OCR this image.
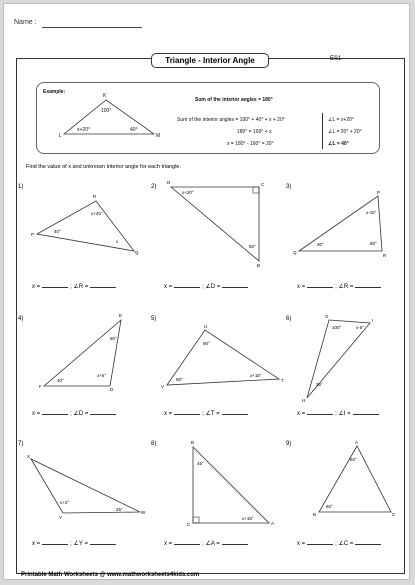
Name :
Triangle - Interior Angle	ES1
Example:
K
L	M
100°
x+20°	40°
Sum of the interior angles = 180°
Sum of the interior angles = 100° + 40° + x + 20°
180° = 160° + x
x = 180° - 160° = 20°
∠L = x+20°
∠L = 20° + 20°
∠L = 40°
Find the value of x and unknown interior angle for each triangle.
1)	2)	3)
4)	5)	6)
7)	8)	9)
R
P
Q
40°
x+45°
x
D	C
B
50°
x+20°	P
Q
R
30°	80°
x-15°
E
F
D
40°
60°
x+5°
U
V
T
90°
50°
x+15°
G
I
H
100°	x-5°
35°
X
Y
W
x+2°
25°
B
C	A
45°
x+15°
A
B	C
60°
60°
x =	; ∠R =	x =	; ∠D =	x =	; ∠R =
x =	; ∠D =	x =	; ∠T =	x =	; ∠I =
x =	; ∠Y =	x =	; ∠A =	x =	; ∠C =
Printable Math Worksheets @ www.mathworksheets4kids.com
